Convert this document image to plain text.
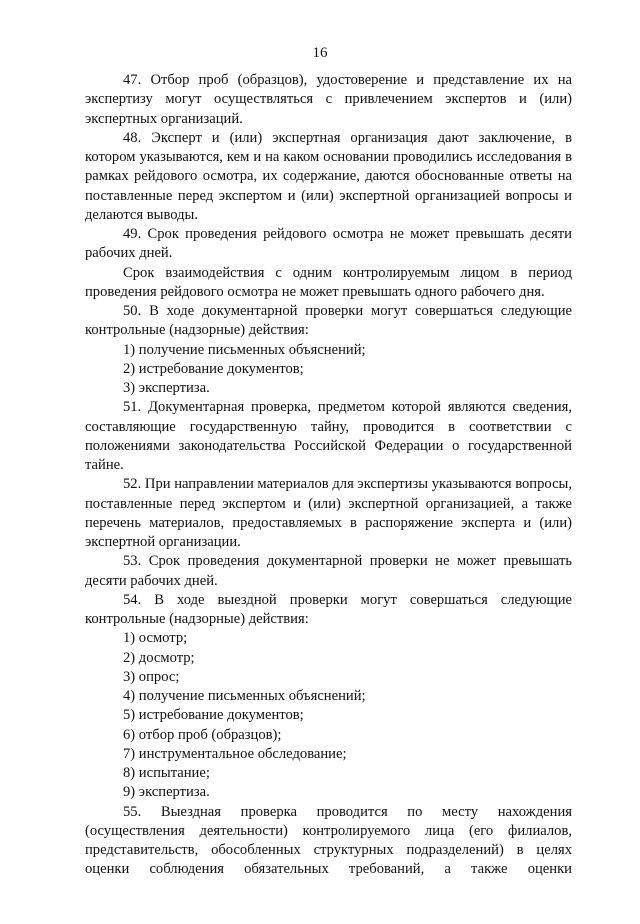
16

47. Отбор проб (образцов), удостоверение и представление их на экспертизу могут осуществляться с привлечением экспертов и (или) экспертных организаций.

48. Эксперт и (или) экспертная организация дают заключение, в котором указываются, кем и на каком основании проводились исследования в рамках рейдового осмотра, их содержание, даются обоснованные ответы на поставленные перед экспертом и (или) экспертной организацией вопросы и делаются выводы.

49. Срок проведения рейдового осмотра не может превышать десяти рабочих дней.

Срок взаимодействия с одним контролируемым лицом в период проведения рейдового осмотра не может превышать одного рабочего дня.

50. В ходе документарной проверки могут совершаться следующие контрольные (надзорные) действия:

1) получение письменных объяснений;

2) истребование документов;

3) экспертиза.

51. Документарная проверка, предметом которой являются сведения, составляющие государственную тайну, проводится в соответствии с положениями законодательства Российской Федерации о государственной тайне.

52. При направлении материалов для экспертизы указываются вопросы, поставленные перед экспертом и (или) экспертной организацией, а также перечень материалов, предоставляемых в распоряжение эксперта и (или) экспертной организации.

53. Срок проведения документарной проверки не может превышать десяти рабочих дней.

54. В ходе выездной проверки могут совершаться следующие контрольные (надзорные) действия:

1) осмотр;

2) досмотр;

3) опрос;

4) получение письменных объяснений;

5) истребование документов;

6) отбор проб (образцов);

7) инструментальное обследование;

8) испытание;

9) экспертиза.

55. Выездная проверка проводится по месту нахождения (осуществления деятельности) контролируемого лица (его филиалов, представительств, обособленных структурных подразделений) в целях оценки соблюдения обязательных требований, а также оценки
